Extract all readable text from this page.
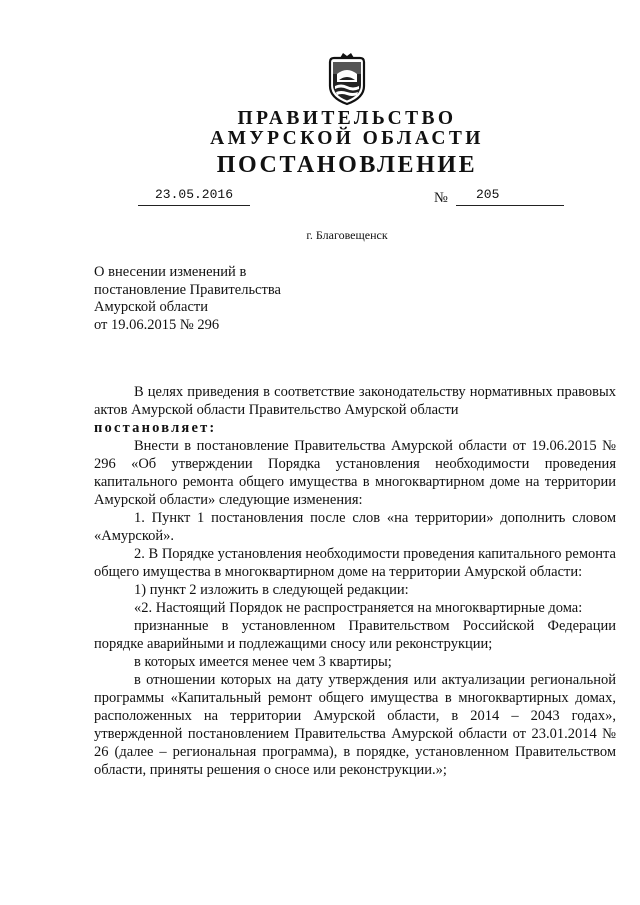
ПРАВИТЕЛЬСТВО
АМУРСКОЙ ОБЛАСТИ
ПОСТАНОВЛЕНИЕ
23.05.2016	№	205
г. Благовещенск
О внесении изменений в
постановление Правительства
Амурской области
от 19.06.2015 № 296

В целях приведения в соответствие законодательству нормативных правовых актов Амурской области Правительство Амурской области

постановляет:

Внести в постановление Правительства Амурской области от 19.06.2015 № 296 «Об утверждении Порядка установления необходимости проведения капитального ремонта общего имущества в многоквартирном доме на территории Амурской области» следующие изменения:

1. Пункт 1 постановления после слов «на территории» дополнить словом «Амурской».

2. В Порядке установления необходимости проведения капитального ремонта общего имущества в многоквартирном доме на территории Амурской области:

1) пункт 2 изложить в следующей редакции:

«2. Настоящий Порядок не распространяется на многоквартирные дома:

признанные в установленном Правительством Российской Федерации порядке аварийными и подлежащими сносу или реконструкции;

в которых имеется менее чем 3 квартиры;

в отношении которых на дату утверждения или актуализации региональной программы «Капитальный ремонт общего имущества в многоквартирных домах, расположенных на территории Амурской области, в 2014 – 2043 годах», утвержденной постановлением Правительства Амурской области от 23.01.2014 № 26 (далее – региональная программа), в порядке, установленном Правительством области, приняты решения о сносе или реконструкции.»;
